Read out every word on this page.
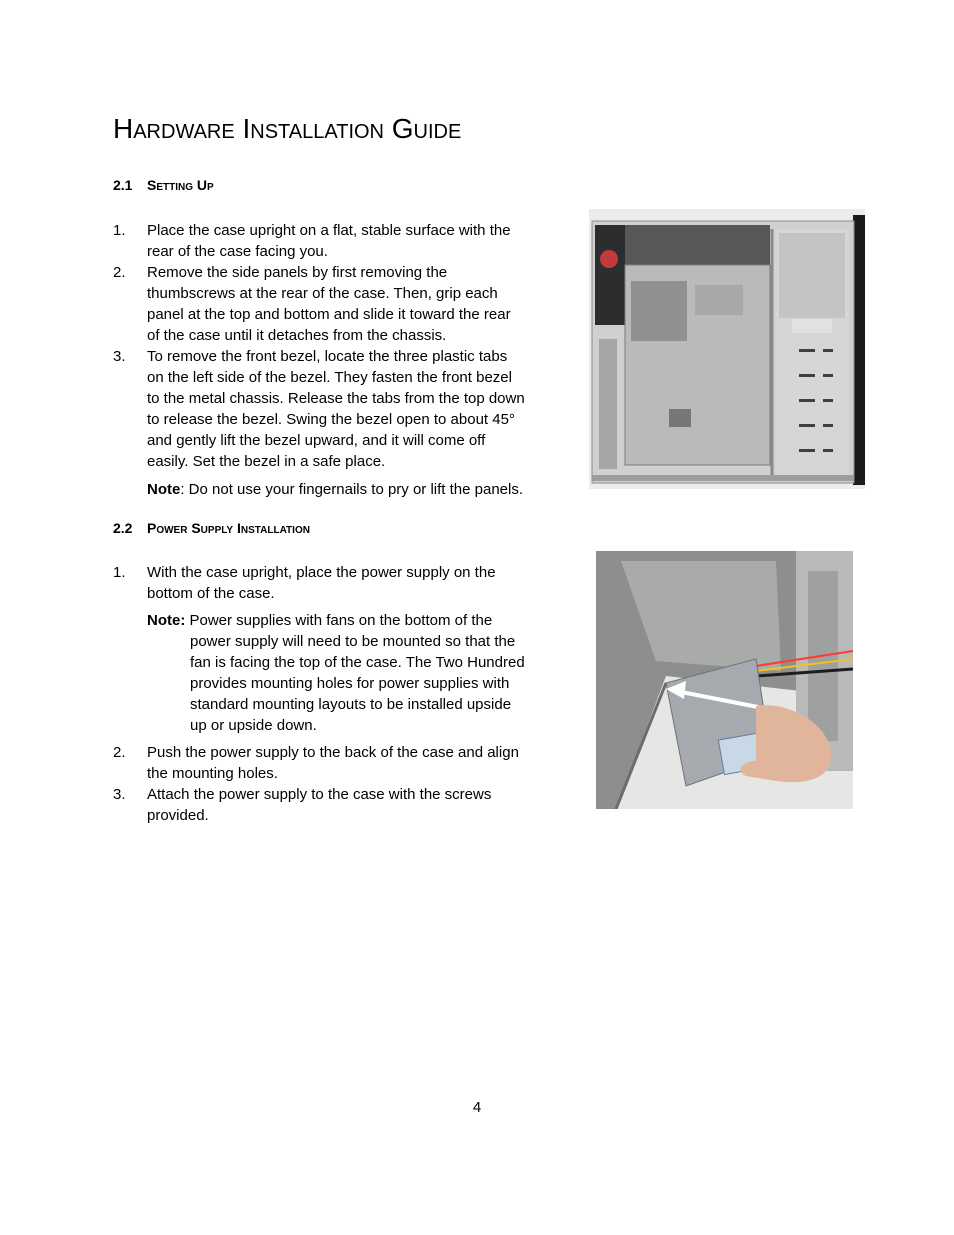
Hardware Installation Guide
2.1 Setting Up
1. Place the case upright on a flat, stable surface with the
rear of the case facing you.
2. Remove the side panels by first removing the
thumbscrews at the rear of the case. Then, grip each
panel at the top and bottom and slide it toward the rear
of the case until it detaches from the chassis.
3. To remove the front bezel, locate the three plastic tabs
on the left side of the bezel. They fasten the front bezel
to the metal chassis. Release the tabs from the top down
to release the bezel. Swing the bezel open to about 45°
and gently lift the bezel upward, and it will come off
easily. Set the bezel in a safe place.
Note: Do not use your fingernails to pry or lift the panels.
2.2 Power Supply Installation
1. With the case upright, place the power supply on the
bottom of the case.
Note: Power supplies with fans on the bottom of the
power supply will need to be mounted so that the
fan is facing the top of the case. The Two Hundred
provides mounting holes for power supplies with
standard mounting layouts to be installed upside
up or upside down.
2. Push the power supply to the back of the case and align
the mounting holes.
3. Attach the power supply to the case with the screws
provided.
4
